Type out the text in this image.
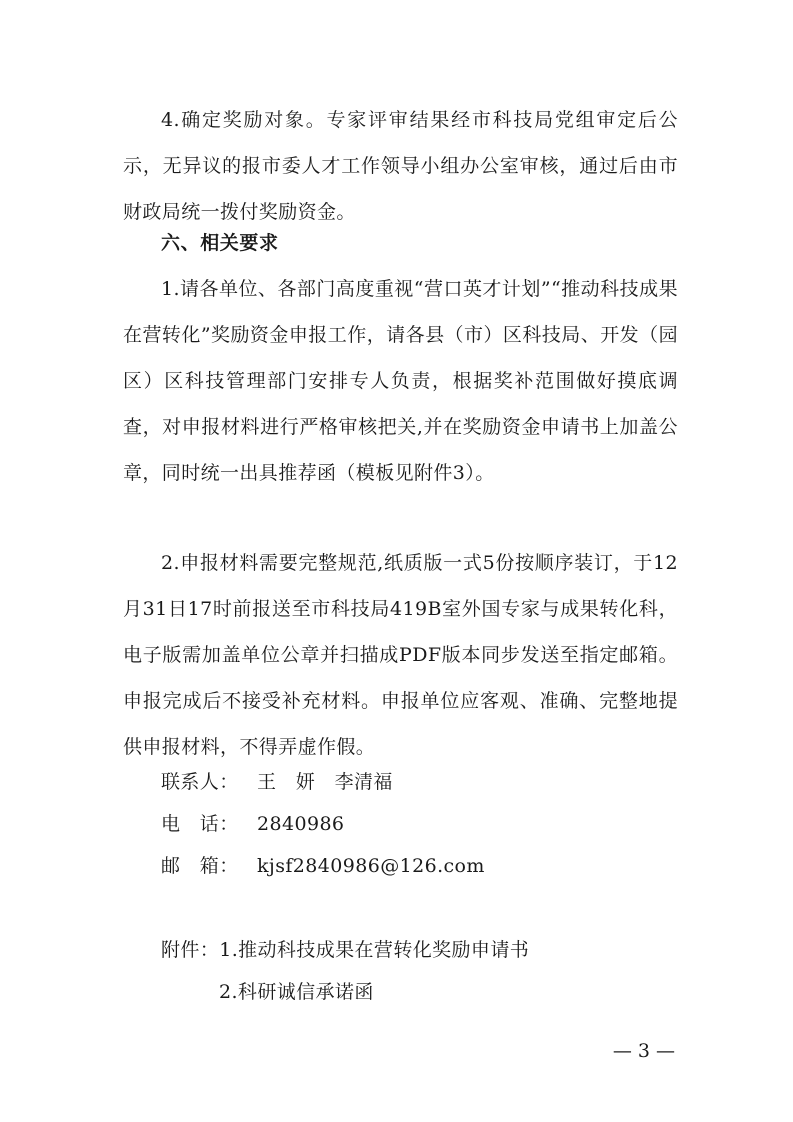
4.确定奖励对象。专家评审结果经市科技局党组审定后公示，无异议的报市委人才工作领导小组办公室审核，通过后由市财政局统一拨付奖励资金。

六、相关要求

1.请各单位、各部门高度重视“营口英才计划”“推动科技成果在营转化”奖励资金申报工作，请各县（市）区科技局、开发（园区）区科技管理部门安排专人负责，根据奖补范围做好摸底调查，对申报材料进行严格审核把关,并在奖励资金申请书上加盖公章，同时统一出具推荐函（模板见附件3）。

2.申报材料需要完整规范,纸质版一式5份按顺序装订，于12月31日17时前报送至市科技局419B室外国专家与成果转化科，电子版需加盖单位公章并扫描成PDF版本同步发送至指定邮箱。申报完成后不接受补充材料。申报单位应客观、准确、完整地提供申报材料，不得弄虚作假。

联系人： 王　妍　李清福

电　话： 2840986

邮　箱： kjsf2840986@126.com

附件：1.推动科技成果在营转化奖励申请书

2.科研诚信承诺函

— 3 —
